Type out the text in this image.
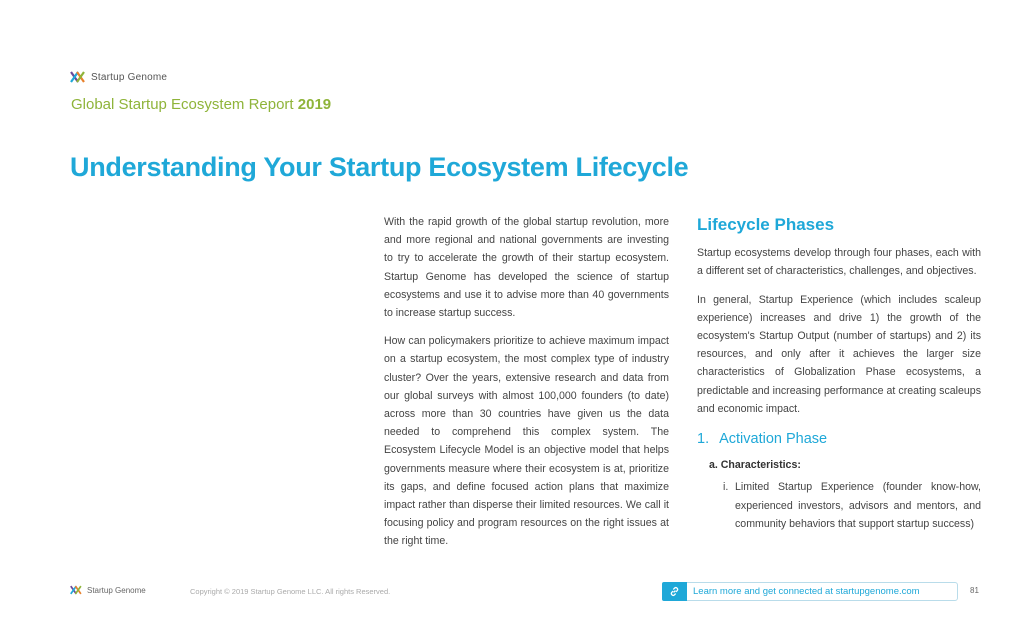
Startup Genome
Global Startup Ecosystem Report 2019
Understanding Your Startup Ecosystem Lifecycle

With the rapid growth of the global startup revolution, more and more regional and national governments are investing to try to accelerate the growth of their startup ecosystem. Startup Genome has developed the science of startup ecosystems and use it to advise more than 40 governments to increase startup success.

How can policymakers prioritize to achieve maximum impact on a startup ecosystem, the most complex type of industry cluster? Over the years, extensive research and data from our global surveys with almost 100,000 founders (to date) across more than 30 countries have given us the data needed to comprehend this complex system. The Ecosystem Lifecycle Model is an objective model that helps governments measure where their ecosystem is at, prioritize its gaps, and define focused action plans that maximize impact rather than disperse their limited resources. We call it focusing policy and program resources on the right issues at the right time.

Lifecycle Phases

Startup ecosystems develop through four phases, each with a different set of characteristics, challenges, and objectives.

In general, Startup Experience (which includes scaleup experience) increases and drive 1) the growth of the ecosystem's Startup Output (number of startups) and 2) its resources, and only after it achieves the larger size characteristics of Globalization Phase ecosystems, a predictable and increasing performance at creating scaleups and economic impact.

1. Activation Phase
a. Characteristics:
i. Limited Startup Experience (founder know-how, experienced investors, advisors and mentors, and community behaviors that support startup success)
Startup Genome	Copyright © 2019 Startup Genome LLC. All rights Reserved.	Learn more and get connected at startupgenome.com	81
